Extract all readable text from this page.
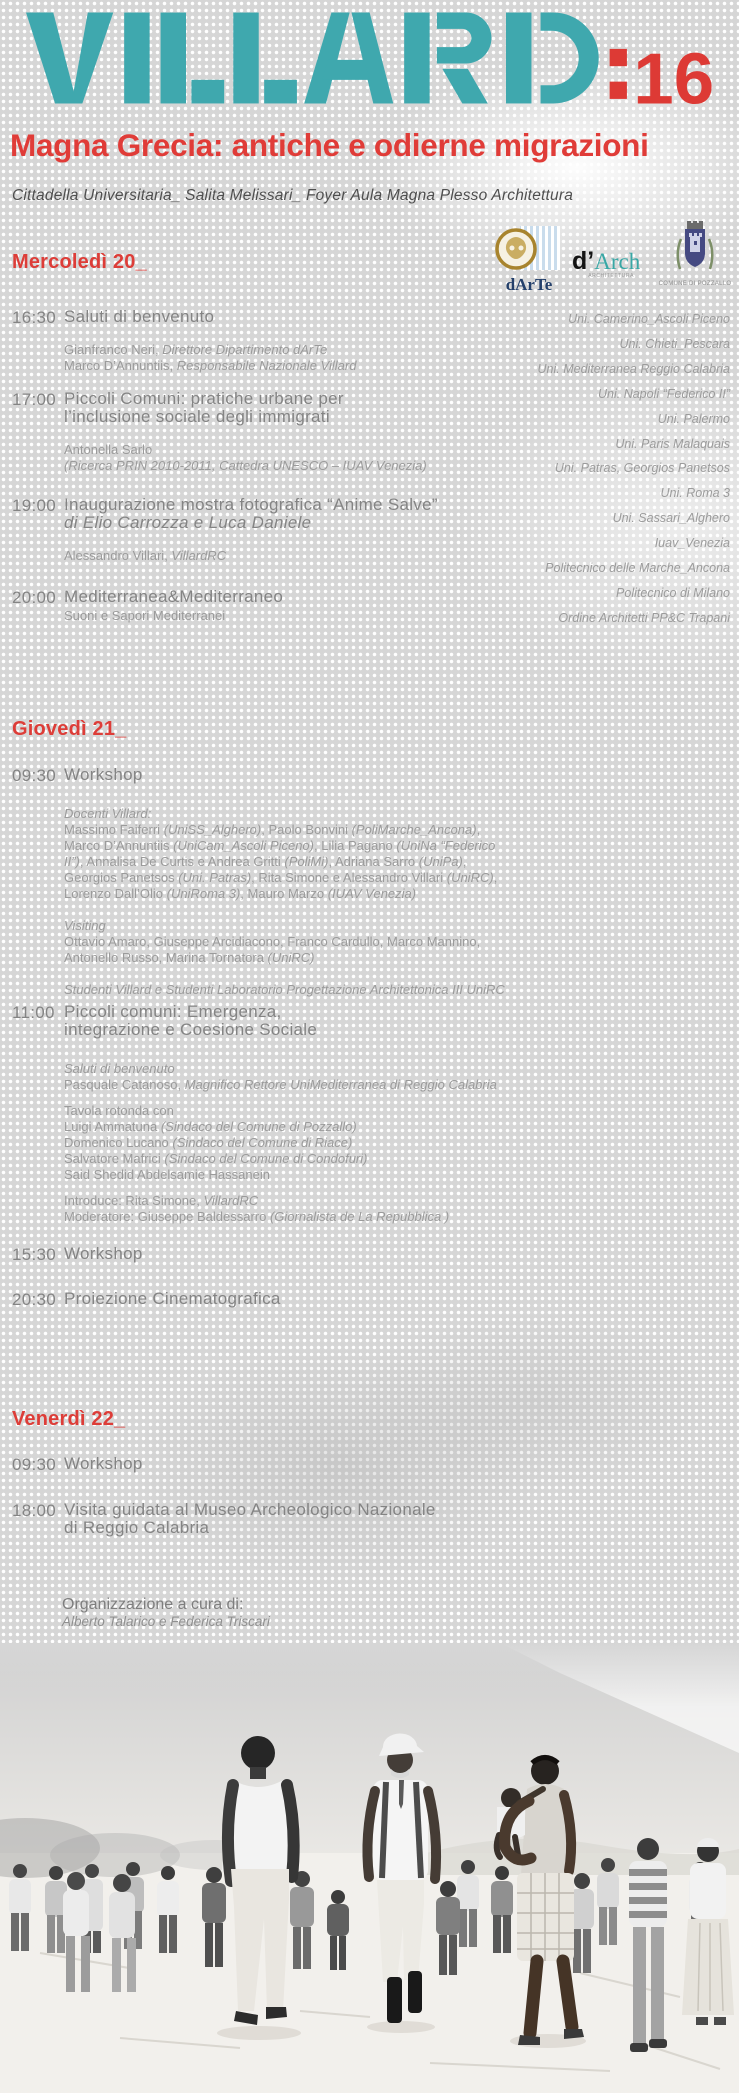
16
Magna Grecia: antiche e odierne migrazioni
Cittadella Universitaria_ Salita Melissari_ Foyer Aula Magna Plesso Architettura
dArTe
d’Arch
ARCHITETTURA
COMUNE DI POZZALLO
Uni. Camerino_Ascoli Piceno
Uni. Chieti_Pescara
Uni. Mediterranea Reggio Calabria
Uni. Napoli “Federico II”
Uni. Palermo
Uni. Paris Malaquais
Uni. Patras, Georgios Panetsos
Uni. Roma 3
Uni. Sassari_Alghero
Iuav_Venezia
Politecnico delle Marche_Ancona
Politecnico di Milano
Ordine Architetti PP&C Trapani
Mercoledì 20_
16:30 Saluti di benvenuto
Gianfranco Neri, Direttore Dipartimento dArTe
Marco D’Annuntiis, Responsabile Nazionale Villard
17:00 Piccoli Comuni: pratiche urbane per
l’inclusione sociale degli immigrati
Antonella Sarlo
(Ricerca PRIN 2010-2011, Cattedra UNESCO – IUAV Venezia)
19:00 Inaugurazione mostra fotografica “Anime Salve”
di Elio Carrozza e Luca Daniele
Alessandro Villari, VillardRC
20:00 Mediterranea&Mediterraneo
Suoni e Sapori Mediterranei
Giovedì 21_
09:30 Workshop
Docenti Villard:
Massimo Faiferri (UniSS_Alghero), Paolo Bonvini (PoliMarche_Ancona), Marco D’Annuntiis (UniCam_Ascoli Piceno), Lilia Pagano (UniNa “Federico II”), Annalisa De Curtis e Andrea Gritti (PoliMi), Adriana Sarro (UniPa), Georgios Panetsos (Uni. Patras), Rita Simone e Alessandro Villari (UniRC), Lorenzo Dall’Olio (UniRoma 3), Mauro Marzo (IUAV Venezia)
Visiting
Ottavio Amaro, Giuseppe Arcidiacono, Franco Cardullo, Marco Mannino, Antonello Russo, Marina Tornatora (UniRC)
Studenti Villard e Studenti Laboratorio Progettazione Architettonica III UniRC
11:00 Piccoli comuni: Emergenza,
integrazione e Coesione Sociale
Saluti di benvenuto
Pasquale Catanoso, Magnifico Rettore UniMediterranea di Reggio Calabria
Tavola rotonda con
Luigi Ammatuna (Sindaco del Comune di Pozzallo)
Domenico Lucano (Sindaco del Comune di Riace)
Salvatore Mafrici (Sindaco del Comune di Condofuri)
Said Shedid Abdelsamie Hassanein
Introduce: Rita Simone, VillardRC
Moderatore: Giuseppe Baldessarro (Giornalista de La Repubblica )
15:30 Workshop
20:30 Proiezione Cinematografica
Venerdì 22_
09:30 Workshop
18:00 Visita guidata al Museo Archeologico Nazionale
di Reggio Calabria
Organizzazione a cura di:
Alberto Talarico e Federica Triscari
